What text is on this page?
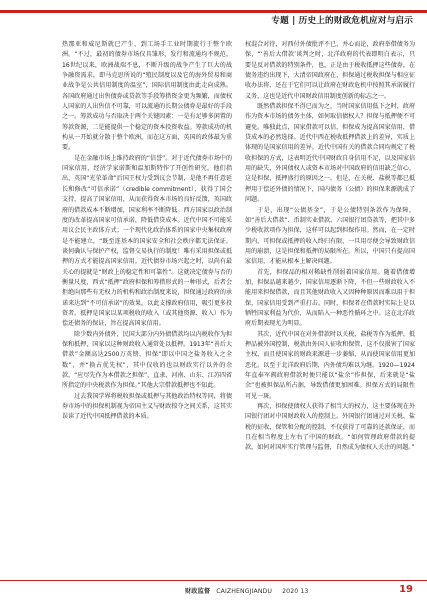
专题 | 历史上的财政危机应对与启示

热那亚和威尼斯就已产生，到工场手工业时期流行于整个欧洲。“不过，最初的债券市场仅具雏形，发行和流通均不规范。16世纪以来，欧洲战端不息，不断升级的战争产生了巨大的战争融资需求，即马克思所说的“殖民制度以及它的海外贸易和商业战争是公共信用制度的温室”，国际信用制度由此走向成熟。各国政府通过出售债券或贷款等手段筹措资金更为频繁，而债权人国家的人出售信不可靠，可以流通的长期公债券是最好的手段之一。筹款成功与否取决于两个关键因素：一是有足够多闲置的筹款资源，二是能提供一个稳定的资本投资收益。筹款成功的机构从一开始就分散于整个欧洲，而在这方面，英国的政体最为重要。

是在金融市场上维持政府的“信誉”。对于近代债券市场中的国家信用，经济学家诺斯和温加斯特作了开创性研究。他们指出，英国“光荣革命”后国王权力受到议会节制，是他不再任意延长和修改“可信承诺”（credible commitment），获得了国会支持，提高了国家信用，从而获得资本市场的良好反馈，英国政府的借款成本不断增加，国家利率不断降低。西方国家以政治制度的改革提高国家可信承诺，降低借贷成本。近代中国不可能采用议会民主政体方式；一个现代化政治体系的国家中央集权政府是不能建立，“既至连基本的国家安全和社会秩序都无法保证，谈何确认与保护产权，监督交易执行的制度！唯有采用担保或抵押的方式才能提高国家信用。近代债券市场兴起之时，以尚有最关心的提就是“财政上的稳定性和可靠性”。这就决定债券与否的衡量尺度，西式“抵押”政府担保和筹措形式的一种形式，后者会拒绝向那些有无权力的机构和政治制度来说，担保通过政府的承诺来达到“不可信承诺”的效果，以此支撑政府信用，吸引更多投资者。抵押是国家以某项税收的收入（或其他资源、收入）作为偿还债务的保证，旨在提高国家信用。

除少数内外债外，民国大部分内外债借款均以内税收作为担保和抵押，国家以这种财政收入通常处以抵押。1913年“善后大借款”金额高达2500万英镑，担保“即以中国之盐务收入之全数”，并“换占优先权”，其中仅收的也以财政实行以外的余款，“应尽先作为本借款之担保”，直隶、河南、山东、江苏四省所指定的中央税款作为担保。”其他大宗借款抵押也不知此。

过去我国学界将税收担保或抵押与其他政治特权等同，将债券市场中的担保机制视为帝国主义与财政掠夺之间关系，这其实误读了近代中国抵押借款的本质。

权混合对待，对西付外债批评不已，并心而论，政府举借债务为保，“‘善后大借款’谈判之时，北洋政府的代表即明白表示，只要是反对借款的特别条件，也，正是由于税收抵押这些债券，在债务违约出现下，大清帝国政府在，担保通过税收担保与相应征收办法将，还在于它们可以让政府在财政危机中按照其承诺履行义务，这也是近代中国财政信用制度创新的标志之一。

既然借款担保不得已而为之，当时国家信用低下之时，政府作为资本市场的债务主体，如何取信债权人？担保与抵押便不可避免。唯独此点，国家借款可以信，担保成为提高国家信用，借贷成本的必然选择。近代中西在税收抵押借款上的差异，实质上体现的是国家信用的差异。近代中国有关的借款合同均规定了税收担保的方式，这表明近代中国财政自身信用不足，以及国家信用的缺失，外国债权人或资本市场对中国政府的信用缺乏信心，这是担保、抵押盛行的原因之一。但是，在关税、盐税等都已抵押用于偿还外债的情况下，国内债务（公债）的担保来源就成了问题。

于是，出现“公债基金”，于是公债特别条款作为保障，如“善后大借款”、币制实业借款、六国银行团贷款等，把其中多少税收款项作为担保，这样可以起到担保作用。然而，在一定时期内，可担保或抵押的收入终归有限，一旦用尽便会导致财政信用的崩溃，这是担保和抵押的局限所在。所以，中国只有提高国家信用，才能从根本上解决问题。

首先，担保品的相对稀缺性削弱着国家信用。随着借债增加，担保品越来越少，国家信用逐渐下降，不但一些财政收入不能用来担保借款，而且其他财政收入又因种种原因而难以用于担保，国家信用受到严重打击。同时，担保者在借款时实际上是以牺牲国家利益为代价，从而陷入一种恶性循环之中。这在北洋政府后期表现尤为明显。

其次，近代中国在对外借款时以关税、盐税等作为抵押，抵押品被外国控制，税款由外国人征收和保管，这不仅损害了国家主权，而且使国家的财政来源进一步萎缩，从而使国家信用更加恶化。以至于北洋政府后期，内外债均难以为继。1920—1924年直奉军阀政府借款时便只能以“盐余”作担保，后来就是“盐余”也被担保品所占据，导致借债更加困难。担保方式的局限性可见一斑。

再次，担保使债权人获得了相当大的权力，这主要体现在外国银行团对中国财政收入的控制上。外国银行团通过对关税、盐税的征收、保管和分配的控制，不仅获得了可靠的还款保证，而且在相当程度上左右了中国的财政。“如何管理政府借款的提款，如何对国库实行管理与监督，自然成为债权人关注的问题。”

财政监督 CAIZHENGJIANDU 2020 13	19
